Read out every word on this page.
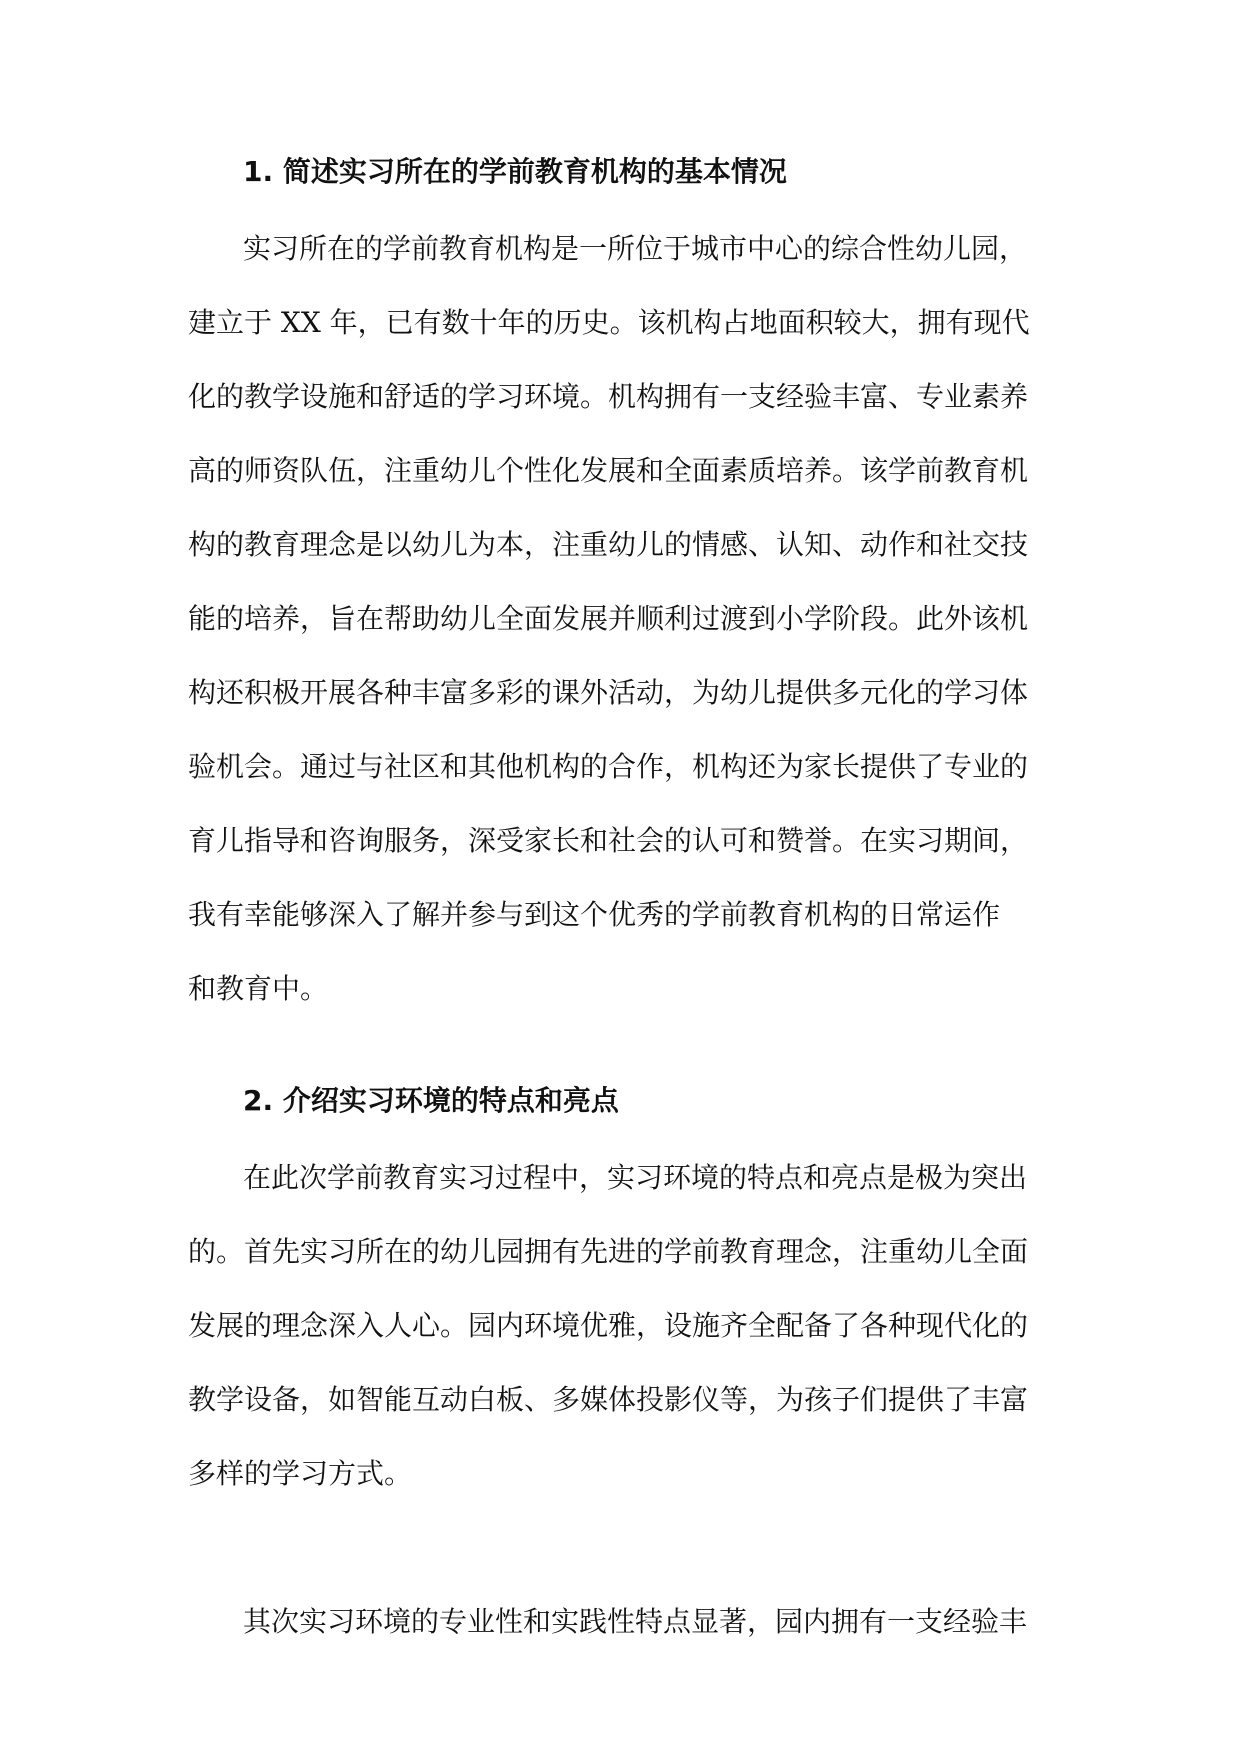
1. 简述实习所在的学前教育机构的基本情况

实习所在的学前教育机构是一所位于城市中心的综合性幼儿园，
建立于 XX 年，已有数十年的历史。该机构占地面积较大，拥有现代
化的教学设施和舒适的学习环境。机构拥有一支经验丰富、专业素养
高的师资队伍，注重幼儿个性化发展和全面素质培养。该学前教育机
构的教育理念是以幼儿为本，注重幼儿的情感、认知、动作和社交技
能的培养，旨在帮助幼儿全面发展并顺利过渡到小学阶段。此外该机
构还积极开展各种丰富多彩的课外活动，为幼儿提供多元化的学习体
验机会。通过与社区和其他机构的合作，机构还为家长提供了专业的
育儿指导和咨询服务，深受家长和社会的认可和赞誉。在实习期间，
我有幸能够深入了解并参与到这个优秀的学前教育机构的日常运作
和教育中。

2. 介绍实习环境的特点和亮点

在此次学前教育实习过程中，实习环境的特点和亮点是极为突出
的。首先实习所在的幼儿园拥有先进的学前教育理念，注重幼儿全面
发展的理念深入人心。园内环境优雅，设施齐全配备了各种现代化的
教学设备，如智能互动白板、多媒体投影仪等，为孩子们提供了丰富
多样的学习方式。

其次实习环境的专业性和实践性特点显著，园内拥有一支经验丰
